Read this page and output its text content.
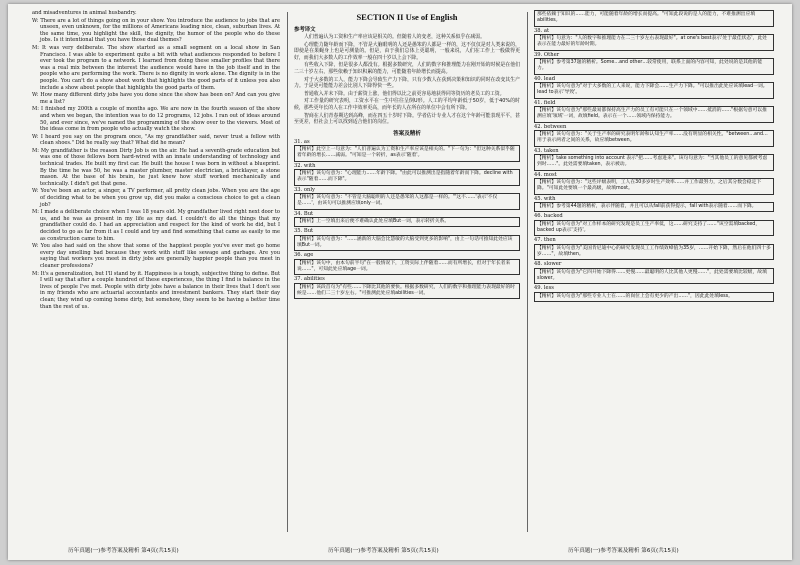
and misadventures in animal husbandry.

W: There are a lot of things going on in your show. You introduce the audience to jobs that are unseen, even unknown, for the millions of Americans leading nice, clean, suburban lives. At the same time, you highlight the skill, the dignity, the humor of the people who do these jobs. Is it intentional that you have those dual themes?

M: It was very deliberate. The show started as a small segment on a local show in San Francisco. I was able to experiment quite a bit with what audiences responded to before I ever took the program to a network. I learned from doing these smaller profiles that there was a real mix between the interest the audience would have in the job itself and in the people who are performing the work. There is no dignity in work alone. The dignity is in the people. You can't do a show about work that highlights the good parts of it unless you also include a show about people that highlights the good parts of them.

W: How many different dirty jobs have you done since the show has been on? And can you give me a list?

M: I finished my 200th a couple of months ago. We are now in the fourth season of the show and when we began, the intention was to do 12 programs, 12 jobs. I ran out of ideas around 50, and ever since, we've named the programming of the show over to the viewers. Most of the ideas come in from people who actually watch the show.

W: I heard you say on the program once, "As my grandfather said, never trust a fellow with clean shoes." Did he really say that? What did he mean?

M: My grandfather is the reason Dirty Job is on the air. He had a seventh-grade education but was one of those fellows born hard-wired with an innate understanding of technology and technical trades. He built my first car. He built the house I was born in without a blueprint. By the time he was 50, he was a master plumber, master electrician, a bricklayer, a stone mason. At the base of his brain, he just knew how stuff worked mechanically and technically. I didn't get that gene.

W: You've been an actor, a singer, a TV performer, all pretty clean jobs. When you are the age of deciding what to be when you grow up, did you make a conscious choice to get a clean job?

M: I made a deliberate choice when I was 18 years old. My grandfather lived right next door to us, and he was as present in my life as my dad. I couldn't do all the things that my grandfather could do. I had an appreciation and respect for the kind of work he did, but I decided to go as far from it as I could and try and find something that came as easily to me as construction came to him.

W: You also had said on the show that some of the happiest people you've ever met go home every day smelling bad because they work with stuff like sewage and garbage. Are you saying that workers you meet in dirty jobs are generally happier people than you meet in cleaner professions?

M: It's a generalization, but I'll stand by it. Happiness is a tough, subjective thing to define. But I will say that after a couple hundred of these experiences, the thing I find is balance in the lives of people I've met. People with dirty jobs have a balance in their lives that I don't see in my friends who are actuarial accountants and investment bankers. They start their day clean; they wind up coming home dirty, but somehow, they seem to be having a better time than the rest of us.

SECTION II Use of English
参考译文

人们普遍认为工资和生产率应该是相关的。但随着人的变老，这种关系似乎在减弱。

心理能力随年龄而下降，不管是大脑眼明的人还是愚笨的人都是一样的，这不仅仅是对人类来说的，即使是在果蝇身上也是可测量的。但是，由于我们总体上更聪明，一般来说，人们在工作上一般做得更好，而我们大多数人的工作效率一般在四十岁以上会下降。

有些收入下降，但是很多人都没有。根据多数研究，人们的数字和推理能力在刚开始的时候是在他们二三十岁左右，那些依赖于知识积累的能力，可能随着年龄增长而提高。

对于大多数的工人，能力下降会导致生产力下降，只有少数人在获到决策和知识的同时在改变其生产力。于是更可能能力差会比别人下降得快一些。

普通收入并未下降。由于薪资上涨，他们得以比之前更容易地获得同等资历的老员工的工资。

对工作量的研究表明，工资水平在一生中往往呈倒U形。人工的平均年龄低于50岁，低于40%的时候，那些更年长的人在工作中效率更高，而年长的人在所在的单位中会有所下降。

智商在人们青春期达到高峰，而在四五十岁时下降。学者估计专业人才在这个年龄可能表现平平，甚至更差，但社会上可以找到适合他们的岗位。

答案及精析

31. as

【精析】此空上一句意为："人们普遍认为工资和生产率应该是相关的。"下一句为："但这种关系似乎随着年龄的增长……减弱。"可知是一个转折，as表示'随着'。

32. with

【精析】该句句意为："心理能力……年龄下降。"由此可以推测出是指随着年龄而下降。decline with表示"随着……而下降"。

33. only

【精析】该句句意为："不管是大脑聪明的人还是愚笨的人这都是一样的。"'这不……'表示'不仅是……'，由该句可以推测应填only一词。

34. But

【精析】上一空填出来后便不难确认此处应填But一词，表示转折关系。

35. But

【精析】该句句意为："……涵新的大脑会比慧敏的大脑受到更多的影响"，由上一句话可推知此处应该填But一词。

36. age

【精析】该句中，由本句前半句"在一般情况下，工资实际上伴随着……而有所增长，但对于年长者来说……"，可知此处应填age一词。

37. abilities

【精析】该段首句为"有些……下降比其他的要快。根据多数研究，人们的数字和推理能力表现最好的时候是……他们二三十岁左右。"可推测此处应填abilities一词。
那些依赖于知识的……能力，可能随着年龄的增长而提高。"可知此段说的是人的能力，不难推测出应填abilities。

38. at

【精析】句意为："人的数字和推理能力在二三十岁左右表现最好"。at one's best表示'处于最佳状态'，此处表示在能力最好的年龄时期。

39. Other

【精析】参考第37题的精析。Some…and other…较常使用，联系上面的内容可知，此处说的是其他的能力。

40. lead

【精析】该句句意为"对于大多数的工人来说，能力下降会……生产力下降。"可以推出此处应该填lead一词。lead to表示'导致'。

41. field

【精析】该句句意为"那些最易都保持高生产力的员工有可能只在一个领域中……抵消的……"根据句意可以推测应填'领域'一词，故填field。表示在一个……领域内保持能力。

42. between

【精析】该句句意为："关于生产率的研究表明年龄和认知生产率……没有明显的相关性。"between…and…用于表示两者之间的关系，故应填between。

43. taken

【精析】take something into account 表示"把……考虑进来"。该句句意为："当其他员工的意见都被考虑到时……"。此处需要填taken，表示被动。

44. most

【精析】该句句意为："这些评级表明，工人在30多岁时生产效率……并工作最努力，之后其分数会稳定下降。"可知此处要填一个最高级，故填most。

45. with

【精析】参考第44题的精析，表示伴随着，并且可以从fall前获得提示，fall with表示随着……而下降。

46. backed

【精析】该句句意为"对工作样本的研究发现是员工生产率低，这……研究支持了……"该空需填backed，backed up表示'支持'。

47. then

【精析】该句句意为"美国肯尼迪中心的研究发现员工工作绩效峰值为35岁，……开始下降，然后在他们四十多岁……"，故填then。

48. slower

【精析】该句句意为"它四开始下降得……更慢……最聪明的人比其他人更慢……"，此处需要填比较级，故填slower。

49. less

【精析】该句句意为"那些专业人士在……的岗位上会有更少的产出……"，因此此处填less。
历年真题(一)参考答案及精析 第4页(共15页)	历年真题(一)参考答案及精析 第5页(共15页)	历年真题(一)参考答案及精析 第6页(共15页)
